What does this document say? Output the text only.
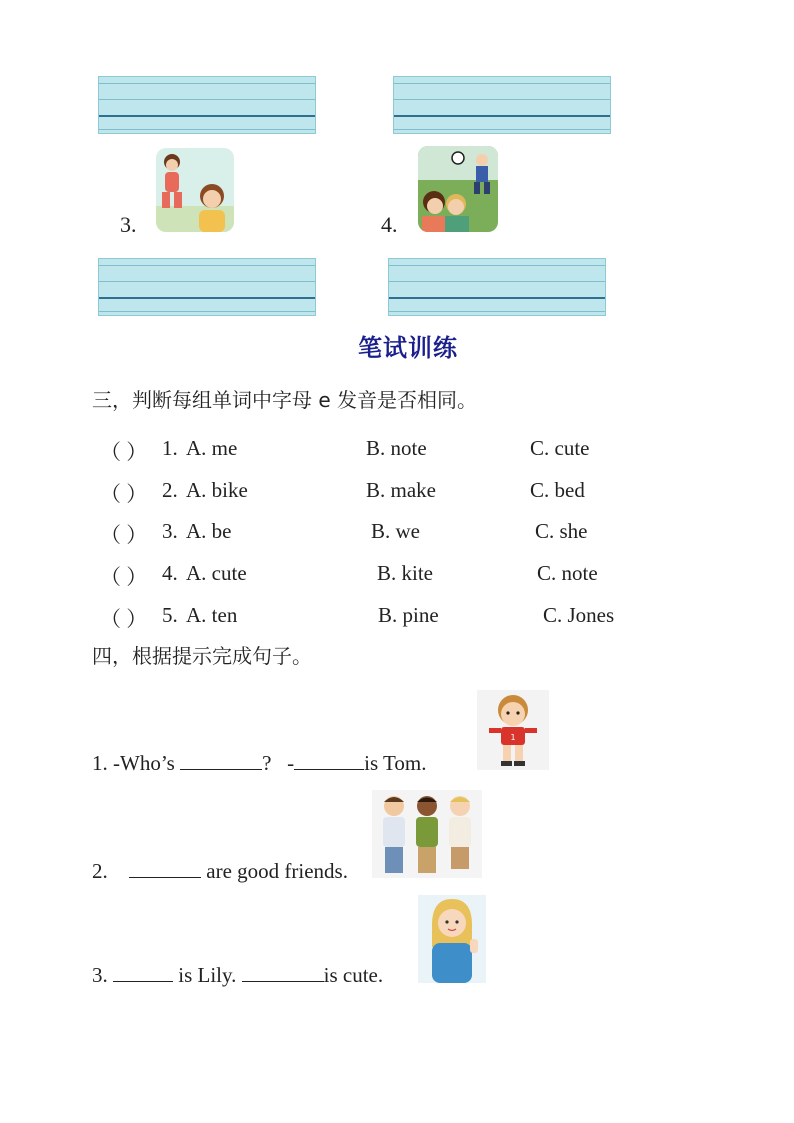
3.	4.
笔试训练
三，判断每组单词中字母 e 发音是否相同。
（ ） 1. A. me	B. note	C. cute
（ ） 2. A. bike	B. make	C. bed
（ ） 3. A. be	B. we	C. she
（ ） 4. A. cute	B. kite	C. note
（ ） 5. A. ten	B. pine	C. Jones
四，根据提示完成句子。
1
1. -Who’s	?   -	is Tom.
2.	are good friends.
3.	is Lily.	is cute.
